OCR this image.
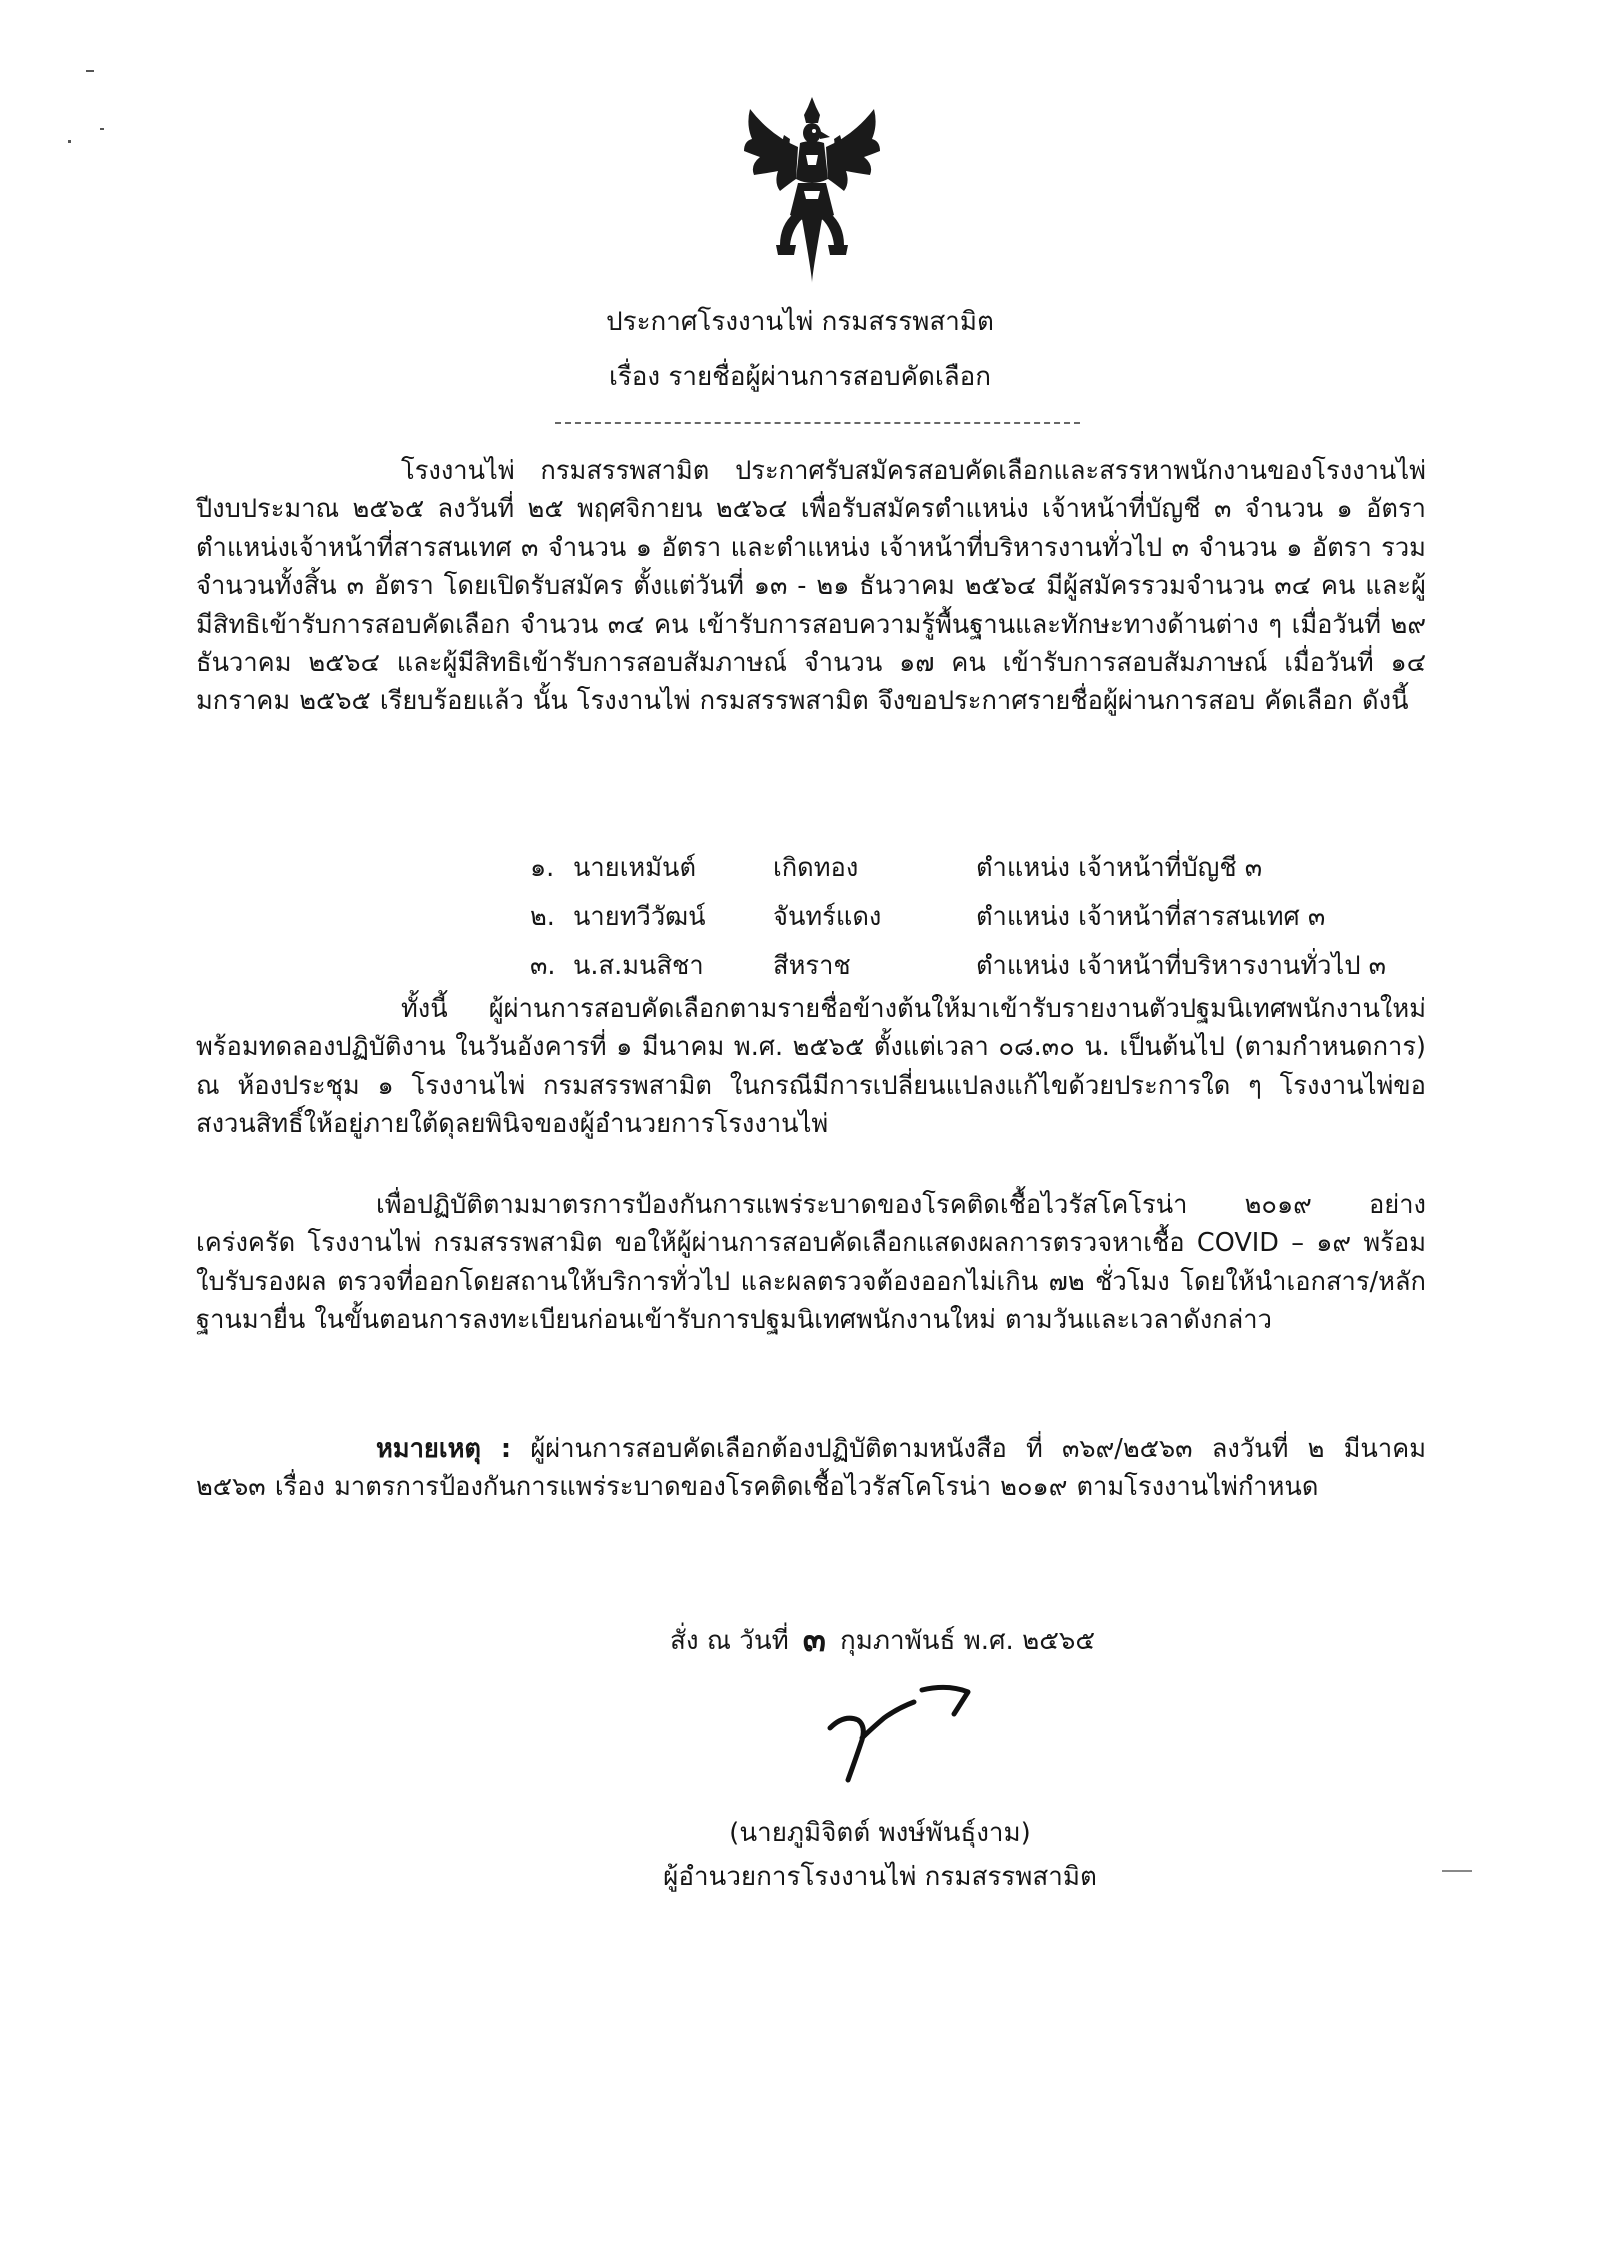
ประกาศโรงงานไพ่ กรมสรรพสามิต
เรื่อง รายชื่อผู้ผ่านการสอบคัดเลือก
โรงงานไพ่ กรมสรรพสามิต ประกาศรับสมัครสอบคัดเลือกและสรรหาพนักงานของโรงงานไพ่ ปีงบประมาณ ๒๕๖๕ ลงวันที่ ๒๕ พฤศจิกายน ๒๕๖๔ เพื่อรับสมัครตำแหน่ง เจ้าหน้าที่บัญชี ๓ จำนวน ๑ อัตรา ตำแหน่งเจ้าหน้าที่สารสนเทศ ๓ จำนวน ๑ อัตรา และตำแหน่ง เจ้าหน้าที่บริหารงานทั่วไป ๓ จำนวน ๑ อัตรา รวมจำนวนทั้งสิ้น ๓ อัตรา โดยเปิดรับสมัคร ตั้งแต่วันที่ ๑๓ - ๒๑ ธันวาคม ๒๕๖๔ มีผู้สมัครรวมจำนวน ๓๔ คน และผู้มีสิทธิเข้ารับการสอบคัดเลือก จำนวน ๓๔ คน เข้ารับการสอบความรู้พื้นฐานและทักษะทางด้านต่าง ๆ เมื่อวันที่ ๒๙ ธันวาคม ๒๕๖๔ และผู้มีสิทธิเข้ารับการสอบสัมภาษณ์ จำนวน ๑๗ คน เข้ารับการสอบสัมภาษณ์ เมื่อวันที่ ๑๔ มกราคม ๒๕๖๕ เรียบร้อยแล้ว นั้น โรงงานไพ่ กรมสรรพสามิต จึงขอประกาศรายชื่อผู้ผ่านการสอบ คัดเลือก ดังนี้
๑. นายเหมันต์	เกิดทอง	ตำแหน่ง เจ้าหน้าที่บัญชี ๓
๒. นายทวีวัฒน์	จันทร์แดง	ตำแหน่ง เจ้าหน้าที่สารสนเทศ ๓
๓. น.ส.มนสิชา	สีหราช	ตำแหน่ง เจ้าหน้าที่บริหารงานทั่วไป ๓
ทั้งนี้ ผู้ผ่านการสอบคัดเลือกตามรายชื่อข้างต้นให้มาเข้ารับรายงานตัวปฐมนิเทศพนักงานใหม่ พร้อมทดลองปฏิบัติงาน ในวันอังคารที่ ๑ มีนาคม พ.ศ. ๒๕๖๕ ตั้งแต่เวลา ๐๘.๓๐ น. เป็นต้นไป (ตามกำหนดการ) ณ ห้องประชุม ๑ โรงงานไพ่ กรมสรรพสามิต ในกรณีมีการเปลี่ยนแปลงแก้ไขด้วยประการใด ๆ โรงงานไพ่ขอ สงวนสิทธิ์ให้อยู่ภายใต้ดุลยพินิจของผู้อำนวยการโรงงานไพ่
เพื่อปฏิบัติตามมาตรการป้องกันการแพร่ระบาดของโรคติดเชื้อไวรัสโคโรน่า ๒๐๑๙ อย่างเคร่งครัด โรงงานไพ่ กรมสรรพสามิต ขอให้ผู้ผ่านการสอบคัดเลือกแสดงผลการตรวจหาเชื้อ COVID – ๑๙ พร้อมใบรับรองผล ตรวจที่ออกโดยสถานให้บริการทั่วไป และผลตรวจต้องออกไม่เกิน ๗๒ ชั่วโมง โดยให้นำเอกสาร/หลักฐานมายื่น ในขั้นตอนการลงทะเบียนก่อนเข้ารับการปฐมนิเทศพนักงานใหม่ ตามวันและเวลาดังกล่าว
หมายเหตุ : ผู้ผ่านการสอบคัดเลือกต้องปฏิบัติตามหนังสือ ที่ ๓๖๙/๒๕๖๓ ลงวันที่ ๒ มีนาคม ๒๕๖๓ เรื่อง มาตรการป้องกันการแพร่ระบาดของโรคติดเชื้อไวรัสโคโรน่า ๒๐๑๙ ตามโรงงานไพ่กำหนด
สั่ง ณ วันที่ ๓ กุมภาพันธ์ พ.ศ. ๒๕๖๕
(นายภูมิจิตต์ พงษ์พันธุ์งาม)
ผู้อำนวยการโรงงานไพ่ กรมสรรพสามิต
